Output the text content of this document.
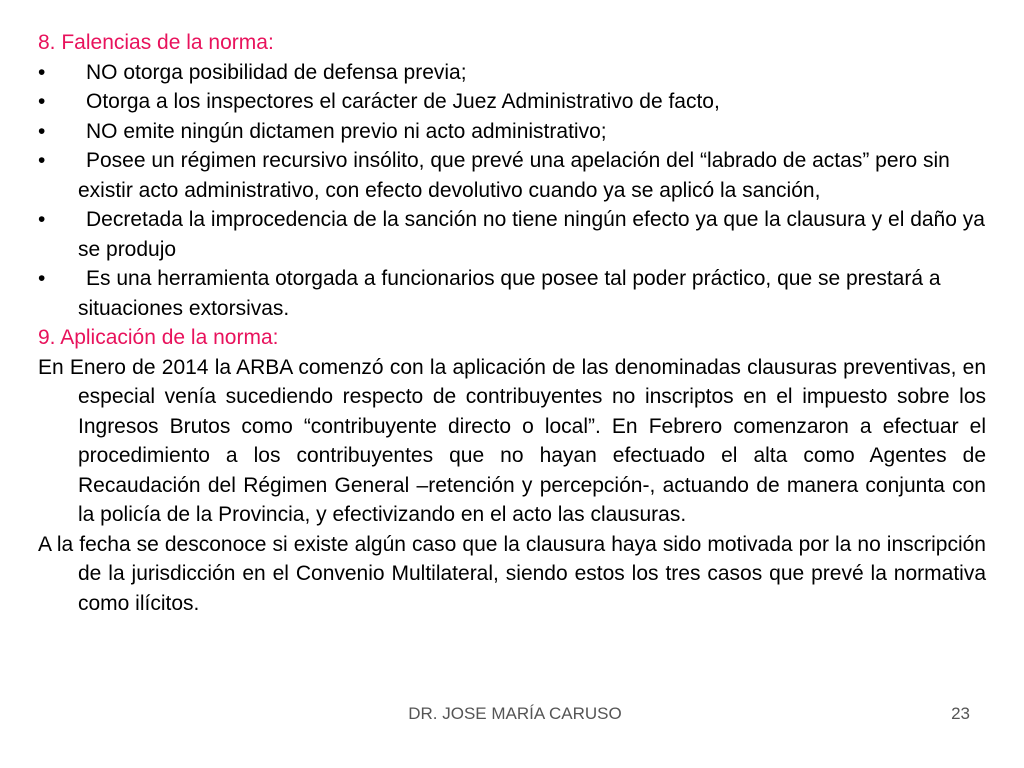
8. Falencias de la norma:

•	NO otorga posibilidad de defensa previa;
•	Otorga a los inspectores el carácter de Juez Administrativo de facto,
•	NO emite ningún dictamen previo ni acto administrativo;
•	Posee un régimen recursivo insólito, que prevé una apelación del “labrado de actas” pero sin existir acto administrativo, con efecto devolutivo cuando ya se aplicó la sanción,
•	Decretada la improcedencia de la sanción no tiene ningún efecto ya que la clausura y el daño ya se produjo
•	Es una herramienta otorgada a funcionarios que posee tal poder práctico, que se prestará a situaciones extorsivas.

9. Aplicación de la norma:

En Enero de 2014 la ARBA comenzó con la aplicación de las denominadas clausuras preventivas, en especial venía sucediendo respecto de contribuyentes no inscriptos en el impuesto sobre los Ingresos Brutos como “contribuyente directo o local”. En Febrero comenzaron a efectuar el procedimiento a los contribuyentes que no hayan efectuado el alta como Agentes de Recaudación del Régimen General –retención y percepción-, actuando de manera conjunta con la policía de la Provincia, y efectivizando en el acto las clausuras.

A la fecha se desconoce si existe algún caso que la clausura haya sido motivada por la no inscripción de la jurisdicción en el Convenio Multilateral, siendo estos los tres casos que prevé la normativa como ilícitos.

DR. JOSE MARÍA CARUSO	23
